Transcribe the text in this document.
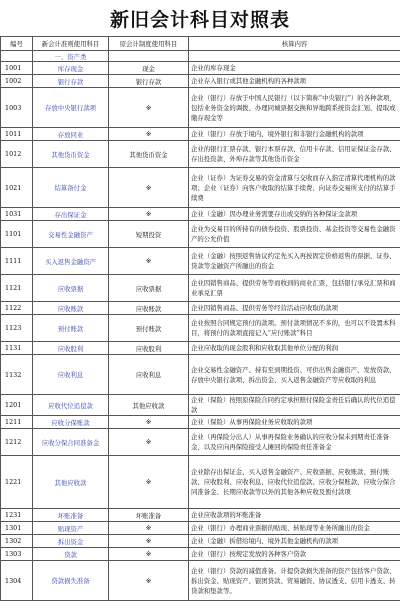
新旧会计科目对照表
编号	新会计准则使用科目	原会计制度使用科目	核算内容
	一、资产类		
1001	库存现金	现金	企业的库存现金
1002	银行存款	银行存款	企业存入银行或其他金融机构的各种款项
1003	存放中央银行款项	※	企业（银行）存放于中国人民银行（以下简称“中央银行”）的各种款项，包括业务资金的调拨、办理同城票据交换和异地跨系统资金汇划、提取或缴存现金等
1011	存放同业	※	企业（银行）存放于境内、境外银行和非银行金融机构的款项
1012	其他货币资金	其他货币资金	企业的银行汇票存款、银行本票存款、信用卡存款、信用证保证金存款、存出投资款、外埠存款等其他货币资金
1021	结算备付金	※	企业（证券）为证券交易的资金清算与交收而存入指定清算代理机构的款项；企业（证券）向客户收取的结算手续费、向证券交易所支付的结算手续费
1031	存出保证金	※	企业（金融）因办理业务需要存出或交纳的各种保证金款项
1101	交易性金融资产	短期投资	企业为交易目的所持有的债券投资、股票投资、基金投资等交易性金融资产的公允价值
1111	买入返售金融资产	※	企业（金融）按照返售协议约定先买入再按固定价格返售的票据、证券、贷款等金融资产所融出的资金
1121	应收票据	应收票据	企业因销售商品、提供劳务等而收到的商业汇票，包括银行承兑汇票和商业承兑汇票
1122	应收账款	应收账款	企业因销售商品、提供劳务等经营活动应收取的款项
1123	预付账款	预付账款	企业按照合同规定预付的款项。预付款项情况不多的，也可以不设置本科目，将预付的款项直接记入“应付账款”科目
1131	应收股利	应收股利	企业应收取的现金股利和应收取其他单位分配的利润
1132	应收利息	应收利息	企业交易性金融资产、持有至到期投资、可供出售金融资产、发放贷款、存放中央银行款项、拆出资金、买入返售金融资产等应收取的利息
1201	应收代位追偿款	其他应收款	企业（保险）按照原保险合同约定承担赔付保险金责任后确认的代位追偿款
1211	应收分保账款	※	企业（保险）从事再保险业务应收取的款项
1212	应收分保合同准备金	※	企业（再保险分出人）从事再保险业务确认的应收分保未到期责任准备金，以及应向再保险接受人摊回的保险责任准备金
1221	其他应收款	※	企业除存出保证金、买入返售金融资产、应收票据、应收账款、预付账款、应收股利、应收利息、应收代位追偿款、应收分保账款、应收分保合同准备金、长期应收款等以外的其他各种应收及暂付款项
1231	坏账准备	坏账准备	企业应收款项的坏账准备
1301	贴现资产	※	企业（银行）办理商业票据的贴现、转贴现等业务所融出的资金
1302	拆出资金	※	企业（金融）拆借给境内、境外其他金融机构的款项
1303	贷款	※	企业（银行）按规定发放的各种客户贷款
1304	贷款损失准备	※	企业（银行）贷款的减值准备。计提贷款损失准备的资产包括客户贷款、拆出资金、贴现资产、银团贷款、贸易融资、协议透支、信用卡透支、转贷款和垫款等。
